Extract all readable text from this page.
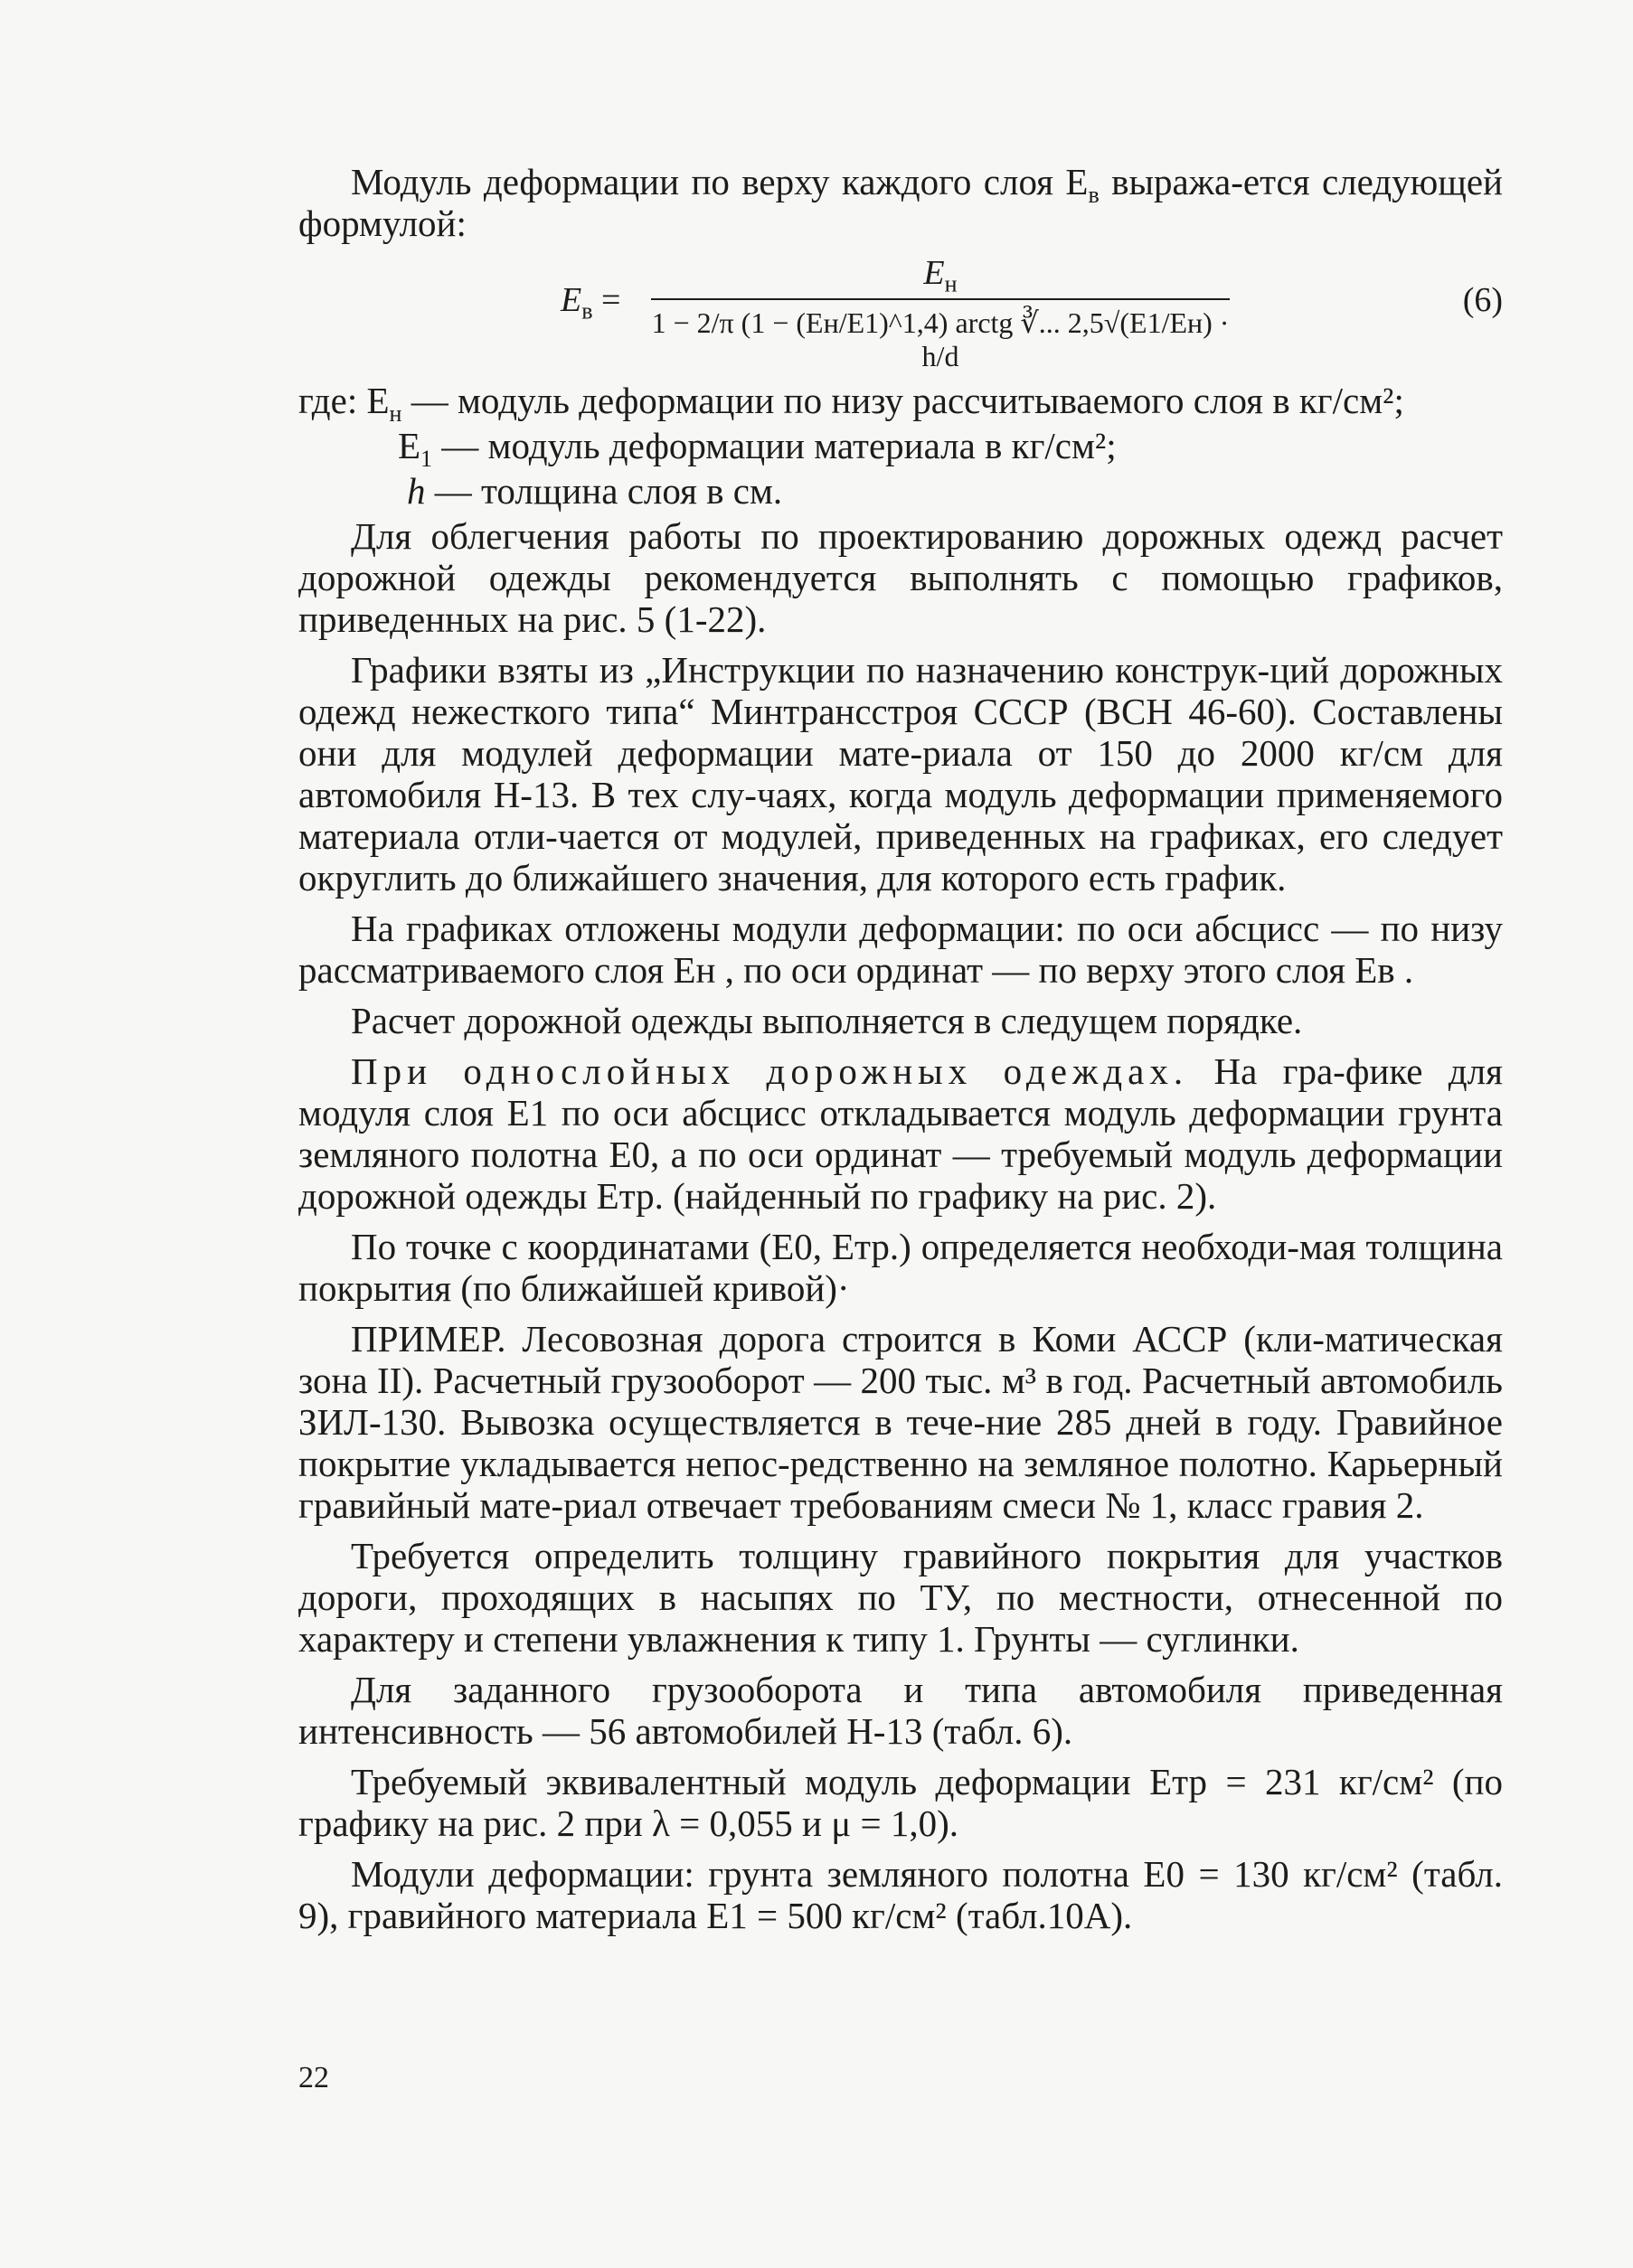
Модуль деформации по верху каждого слоя $E_в$ выража-ется следующей формулой:

$E_в$ =
$E_н$
1 − 2/π (1 − (Eн/E1)^1,4) arctg ∛... 2,5√(E1/Eн) · h/d
(6)

где: $E_н$ — модуль деформации по низу рассчитываемого слоя в кг/см²;

$E_1$ — модуль деформации материала в кг/см²;

h — толщина слоя в см.

Для облегчения работы по проектированию дорожных одежд расчет дорожной одежды рекомендуется выполнять с помощью графиков, приведенных на рис. 5 (1-22).

Графики взяты из „Инструкции по назначению конструк-ций дорожных одежд нежесткого типа“ Минтрансстроя СССР (ВСН 46-60). Составлены они для модулей деформации мате-риала от 150 до 2000 кг/см для автомобиля Н-13. В тех слу-чаях, когда модуль деформации применяемого материала отли-чается от модулей, приведенных на графиках, его следует округлить до ближайшего значения, для которого есть график.

На графиках отложены модули деформации: по оси абсцисс — по низу рассматриваемого слоя Eн , по оси ординат — по верху этого слоя Eв .

Расчет дорожной одежды выполняется в следущем порядке.

При однослойных дорожных одеждах. На гра-фике для модуля слоя E1 по оси абсцисс откладывается модуль деформации грунта земляного полотна E0, а по оси ординат — требуемый модуль деформации дорожной одежды Eтр. (найденный по графику на рис. 2).

По точке с координатами (E0, Eтр.) определяется необходи-мая толщина покрытия (по ближайшей кривой)·

ПРИМЕР. Лесовозная дорога строится в Коми АССР (кли-матическая зона II). Расчетный грузооборот — 200 тыс. м³ в год. Расчетный автомобиль ЗИЛ-130. Вывозка осуществляется в тече-ние 285 дней в году. Гравийное покрытие укладывается непос-редственно на земляное полотно. Карьерный гравийный мате-риал отвечает требованиям смеси № 1, класс гравия 2.

Требуется определить толщину гравийного покрытия для участков дороги, проходящих в насыпях по ТУ, по местности, отнесенной по характеру и степени увлажнения к типу 1. Грунты — суглинки.

Для заданного грузооборота и типа автомобиля приведенная интенсивность — 56 автомобилей Н-13 (табл. 6).

Требуемый эквивалентный модуль деформации Eтр = 231 кг/см² (по графику на рис. 2 при λ = 0,055 и μ = 1,0).

Модули деформации: грунта земляного полотна E0 = 130 кг/см² (табл. 9), гравийного материала E1 = 500 кг/см² (табл.10А).

22
